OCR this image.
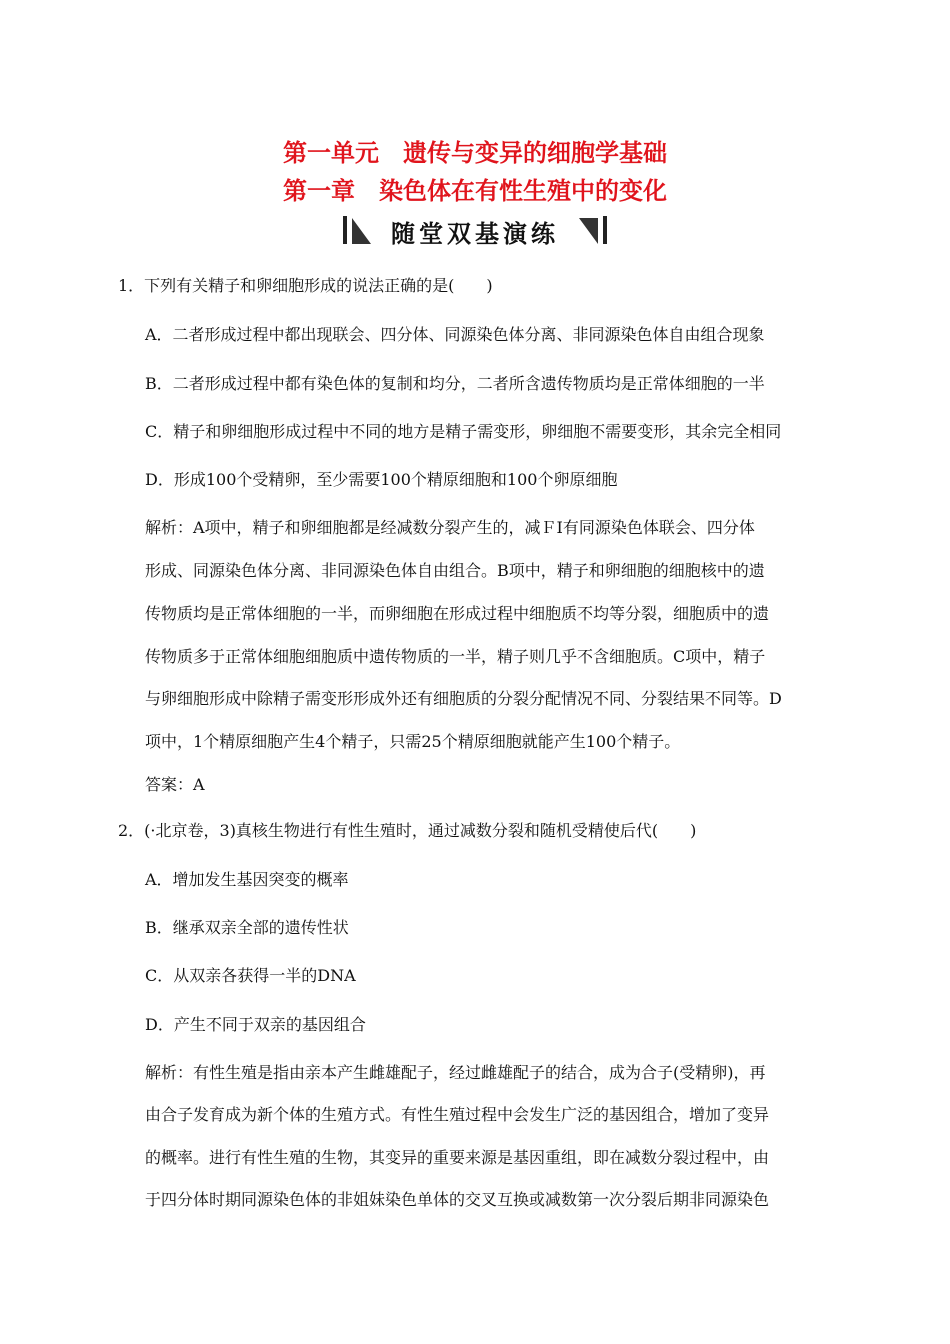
第一单元　遗传与变异的细胞学基础
第一章　染色体在有性生殖中的变化
随堂双基演练
1．下列有关精子和卵细胞形成的说法正确的是(　　)
A．二者形成过程中都出现联会、四分体、同源染色体分离、非同源染色体自由组合现象
B．二者形成过程中都有染色体的复制和均分，二者所含遗传物质均是正常体细胞的一半
C．精子和卵细胞形成过程中不同的地方是精子需变形，卵细胞不需要变形，其余完全相同
D．形成100个受精卵，至少需要100个精原细胞和100个卵原细胞
解析：A项中，精子和卵细胞都是经减数分裂产生的，减ＦⅠ有同源染色体联会、四分体
形成、同源染色体分离、非同源染色体自由组合。B项中，精子和卵细胞的细胞核中的遗
传物质均是正常体细胞的一半，而卵细胞在形成过程中细胞质不均等分裂，细胞质中的遗
传物质多于正常体细胞细胞质中遗传物质的一半，精子则几乎不含细胞质。C项中，精子
与卵细胞形成中除精子需变形形成外还有细胞质的分裂分配情况不同、分裂结果不同等。D
项中，1个精原细胞产生4个精子，只需25个精原细胞就能产生100个精子。
答案：A
2．(·北京卷，3)真核生物进行有性生殖时，通过减数分裂和随机受精使后代(　　)
A．增加发生基因突变的概率
B．继承双亲全部的遗传性状
C．从双亲各获得一半的DNA
D．产生不同于双亲的基因组合
解析：有性生殖是指由亲本产生雌雄配子，经过雌雄配子的结合，成为合子(受精卵)，再
由合子发育成为新个体的生殖方式。有性生殖过程中会发生广泛的基因组合，增加了变异
的概率。进行有性生殖的生物，其变异的重要来源是基因重组，即在减数分裂过程中，由
于四分体时期同源染色体的非姐妹染色单体的交叉互换或减数第一次分裂后期非同源染色
